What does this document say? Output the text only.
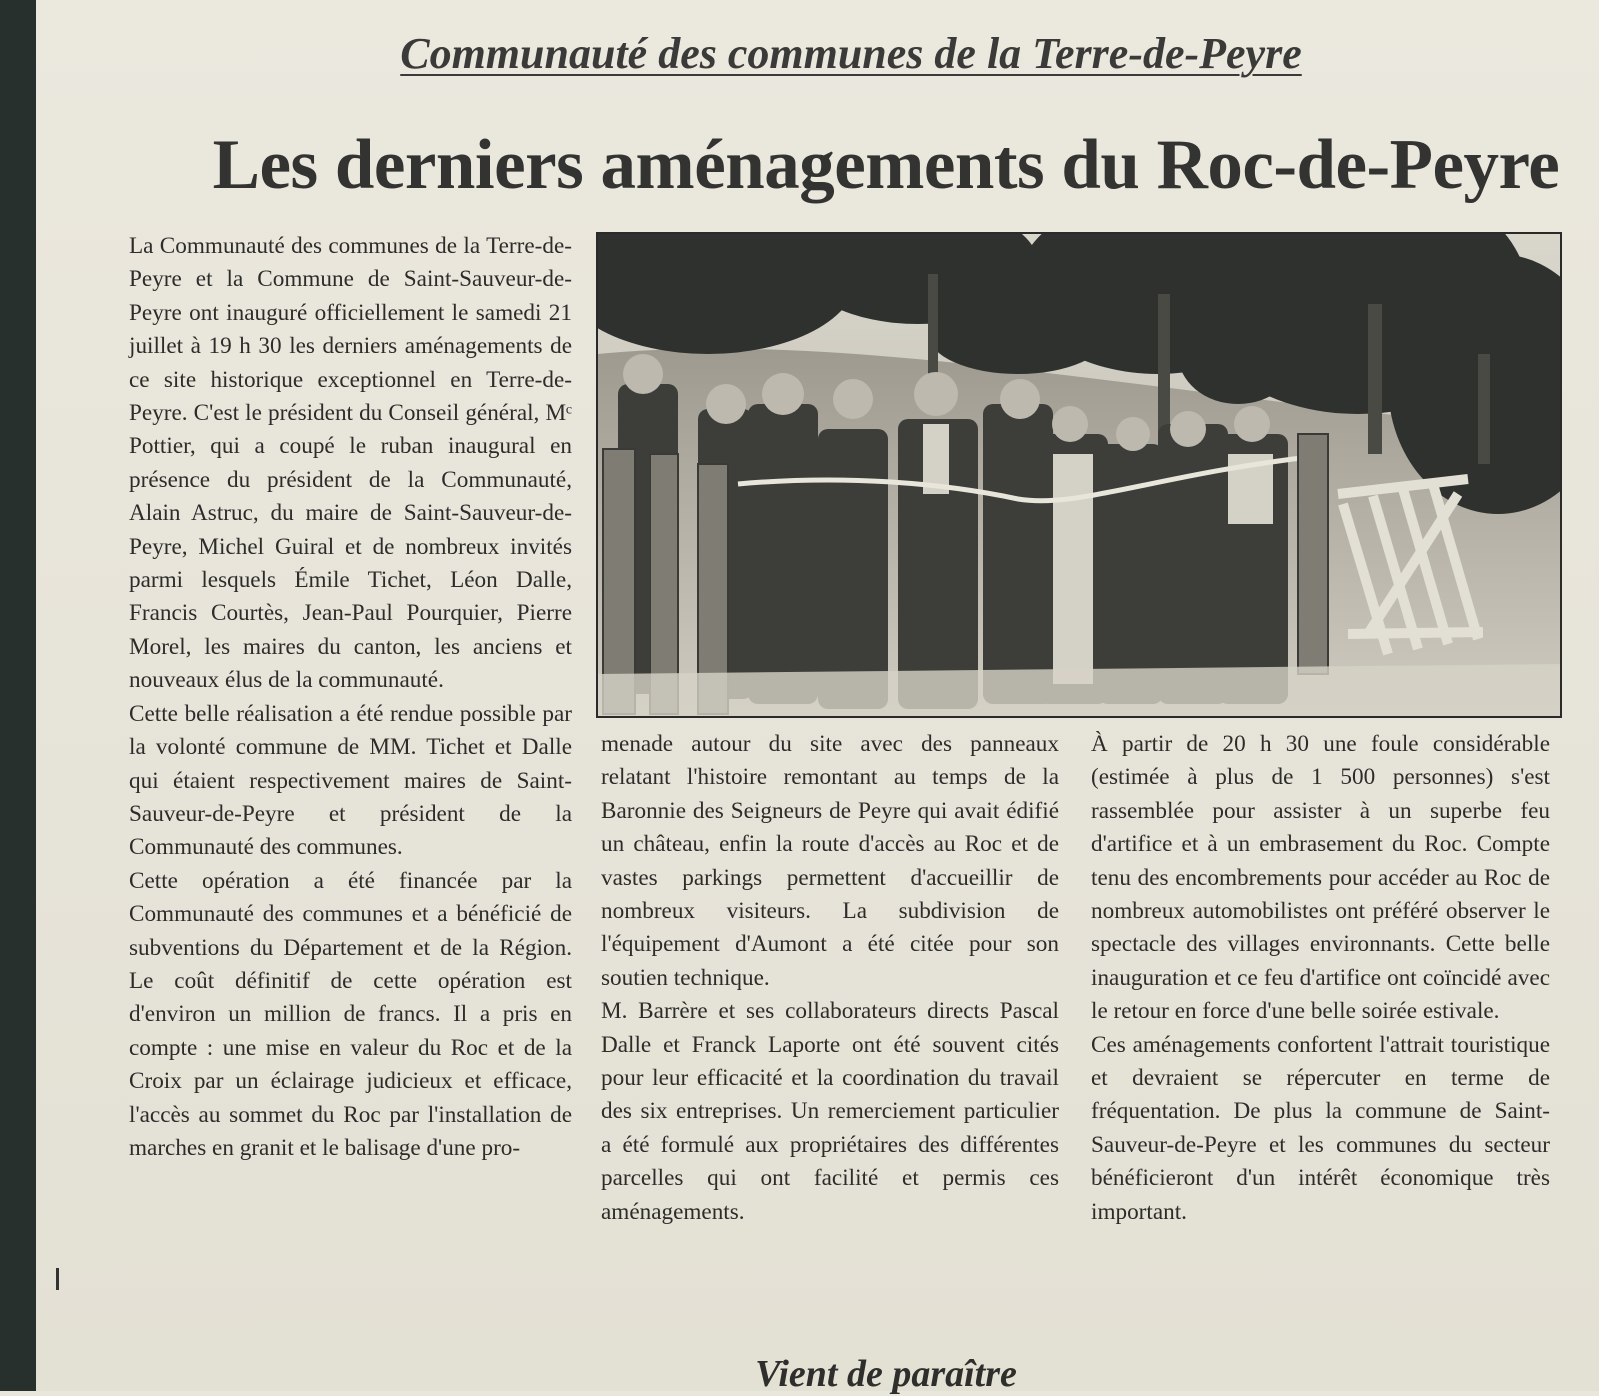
Communauté des communes de la Terre-de-Peyre
Les derniers aménagements du Roc-de-Peyre

La Communauté des communes de la Terre-de-Peyre et la Commune de Saint-Sauveur-de-Peyre ont inauguré officiellement le samedi 21 juillet à 19 h 30 les derniers aménagements de ce site historique exceptionnel en Terre-de-Peyre. C'est le président du Conseil général, Mᶜ Pottier, qui a coupé le ruban inaugural en présence du président de la Communauté, Alain Astruc, du maire de Saint-Sauveur-de-Peyre, Michel Guiral et de nombreux invités parmi lesquels Émile Tichet, Léon Dalle, Francis Courtès, Jean-Paul Pourquier, Pierre Morel, les maires du canton, les anciens et nouveaux élus de la communauté.

Cette belle réalisation a été rendue possible par la volonté commune de MM. Tichet et Dalle qui étaient respectivement maires de Saint-Sauveur-de-Peyre et président de la Communauté des communes.

Cette opération a été financée par la Communauté des communes et a bénéficié de subventions du Département et de la Région. Le coût définitif de cette opération est d'environ un million de francs. Il a pris en compte : une mise en valeur du Roc et de la Croix par un éclairage judicieux et efficace, l'accès au sommet du Roc par l'installation de marches en granit et le balisage d'une pro-

menade autour du site avec des panneaux relatant l'histoire remontant au temps de la Baronnie des Seigneurs de Peyre qui avait édifié un château, enfin la route d'accès au Roc et de vastes parkings permettent d'accueillir de nombreux visiteurs. La subdivision de l'équipement d'Aumont a été citée pour son soutien technique.

M. Barrère et ses collaborateurs directs Pascal Dalle et Franck Laporte ont été souvent cités pour leur efficacité et la coordination du travail des six entreprises. Un remerciement particulier a été formulé aux propriétaires des différentes parcelles qui ont facilité et permis ces aménagements.

À partir de 20 h 30 une foule considérable (estimée à plus de 1 500 personnes) s'est rassemblée pour assister à un superbe feu d'artifice et à un embrasement du Roc. Compte tenu des encombrements pour accéder au Roc de nombreux automobilistes ont préféré observer le spectacle des villages environnants. Cette belle inauguration et ce feu d'artifice ont coïncidé avec le retour en force d'une belle soirée estivale.

Ces aménagements confortent l'attrait touristique et devraient se répercuter en terme de fréquentation. De plus la commune de Saint-Sauveur-de-Peyre et les communes du secteur bénéficieront d'un intérêt économique très important.

Vient de paraître
